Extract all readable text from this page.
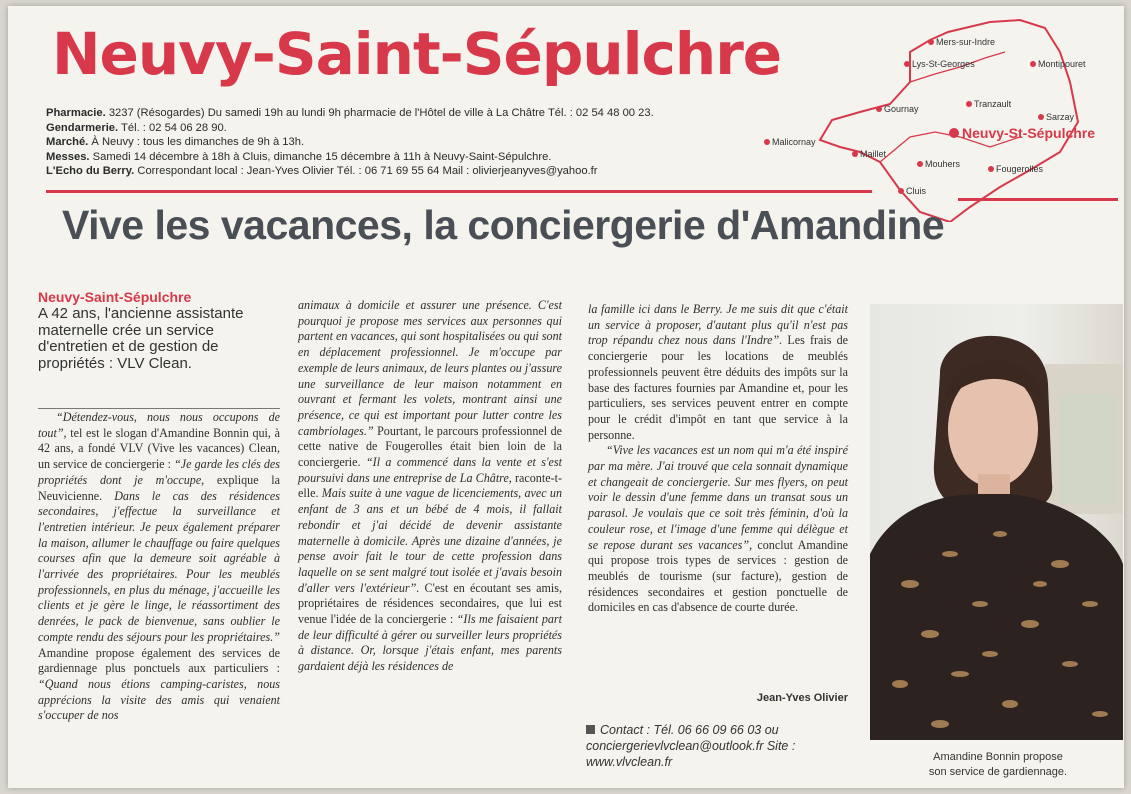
Neuvy-Saint-Sépulchre
Pharmacie. 3237 (Résogardes) Du samedi 19h au lundi 9h pharmacie de l'Hôtel de ville à La Châtre Tél. : 02 54 48 00 23.
Gendarmerie. Tél. : 02 54 06 28 90.
Marché. À Neuvy : tous les dimanches de 9h à 13h.
Messes. Samedi 14 décembre à 18h à Cluis, dimanche 15 décembre à 11h à Neuvy-Saint-Sépulchre.
L'Echo du Berry. Correspondant local : Jean-Yves Olivier Tél. : 06 71 69 55 64 Mail : olivierjeanyves@yahoo.fr
Mers-sur-Indre
Lys-St-Georges	Montipouret
Tranzault
Gournay
Sarzay
Neuvy-St-Sépulchre
Malicornay
Maillet
Mouhers	Fougerolles
Cluis
Vive les vacances, la conciergerie d'Amandine
Neuvy-Saint-Sépulchre
A 42 ans, l'ancienne assistante maternelle crée un service d'entretien et de gestion de propriétés : VLV Clean.

“Détendez-vous, nous nous occupons de tout”, tel est le slogan d'Amandine Bonnin qui, à 42 ans, a fondé VLV (Vive les vacances) Clean, un service de conciergerie : “Je garde les clés des propriétés dont je m'occupe, explique la Neuvicienne. Dans le cas des résidences secondaires, j'effectue la surveillance et l'entretien intérieur. Je peux également préparer la maison, allumer le chauffage ou faire quelques courses afin que la demeure soit agréable à l'arrivée des propriétaires. Pour les meublés professionnels, en plus du ménage, j'accueille les clients et je gère le linge, le réassortiment des denrées, le pack de bienvenue, sans oublier le compte rendu des séjours pour les propriétaires.” Amandine propose également des services de gardiennage plus ponctuels aux particuliers : “Quand nous étions camping-caristes, nous apprécions la visite des amis qui venaient s'occuper de nos

animaux à domicile et assurer une présence. C'est pourquoi je propose mes services aux personnes qui partent en vacances, qui sont hospitalisées ou qui sont en déplacement professionnel. Je m'occupe par exemple de leurs animaux, de leurs plantes ou j'assure une surveillance de leur maison notamment en ouvrant et fermant les volets, montrant ainsi une présence, ce qui est important pour lutter contre les cambriolages.” Pourtant, le parcours professionnel de cette native de Fougerolles était bien loin de la conciergerie. “Il a commencé dans la vente et s'est poursuivi dans une entreprise de La Châtre, raconte-t-elle. Mais suite à une vague de licenciements, avec un enfant de 3 ans et un bébé de 4 mois, il fallait rebondir et j'ai décidé de devenir assistante maternelle à domicile. Après une dizaine d'années, je pense avoir fait le tour de cette profession dans laquelle on se sent malgré tout isolée et j'avais besoin d'aller vers l'extérieur”. C'est en écoutant ses amis, propriétaires de résidences secondaires, que lui est venue l'idée de la conciergerie : “Ils me faisaient part de leur difficulté à gérer ou surveiller leurs propriétés à distance. Or, lorsque j'étais enfant, mes parents gardaient déjà les résidences de

la famille ici dans le Berry. Je me suis dit que c'était un service à proposer, d'autant plus qu'il n'est pas trop répandu chez nous dans l'Indre”. Les frais de conciergerie pour les locations de meublés professionnels peuvent être déduits des impôts sur la base des factures fournies par Amandine et, pour les particuliers, ses services peuvent entrer en compte pour le crédit d'impôt en tant que service à la personne.

“Vive les vacances est un nom qui m'a été inspiré par ma mère. J'ai trouvé que cela sonnait dynamique et changeait de conciergerie. Sur mes flyers, on peut voir le dessin d'une femme dans un transat sous un parasol. Je voulais que ce soit très féminin, d'où la couleur rose, et l'image d'une femme qui délègue et se repose durant ses vacances”, conclut Amandine qui propose trois types de services : gestion de meublés de tourisme (sur facture), gestion de résidences secondaires et gestion ponctuelle de domiciles en cas d'absence de courte durée.

Jean-Yves Olivier
Contact : Tél. 06 66 09 66 03 ou conciergerievlvclean@outlook.fr Site : www.vlvclean.fr	Amandine Bonnin propose
son service de gardiennage.
